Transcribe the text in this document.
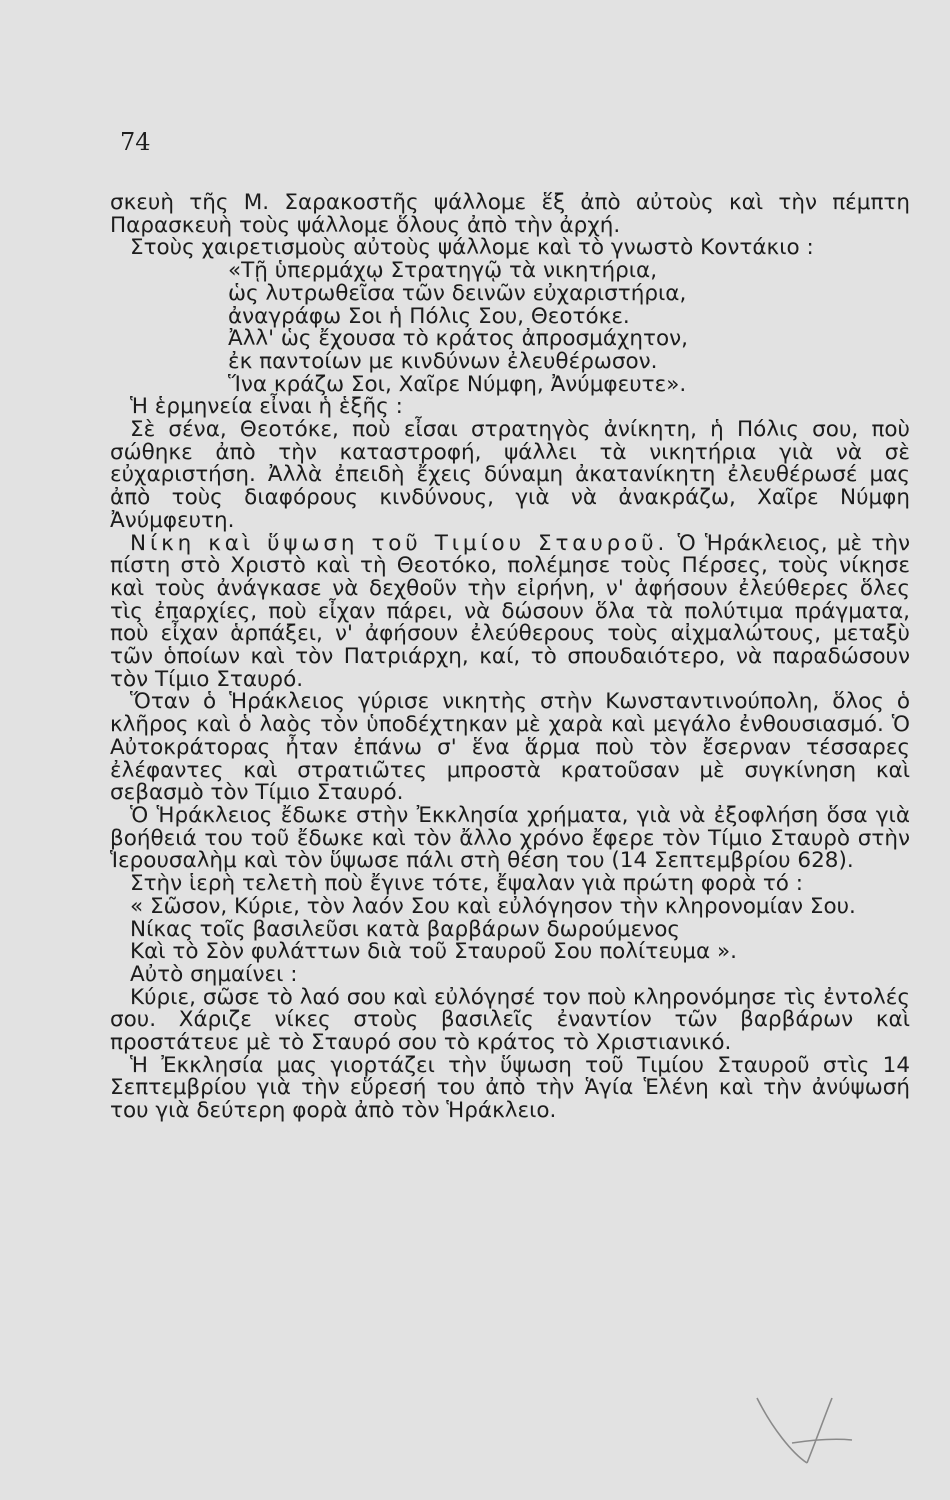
74

σκευὴ τῆς Μ. Σαρακοστῆς ψάλλομε ἕξ ἀπὸ αὐτοὺς καὶ τὴν πέμπτη Παρασκευὴ τοὺς ψάλλομε ὅλους ἀπὸ τὴν ἀρχή.

Στοὺς χαιρετισμοὺς αὐτοὺς ψάλλομε καὶ τὸ γνωστὸ Κοντάκιο :

«Τῇ ὑπερμάχῳ Στρατηγῷ τὰ νικητήρια,
ὡς λυτρωθεῖσα τῶν δεινῶν εὐχαριστήρια,
ἀναγράφω Σοι ἡ Πόλις Σου, Θεοτόκε.
Ἀλλ' ὡς ἔχουσα τὸ κράτος ἀπροσμάχητον,
ἐκ παντοίων με κινδύνων ἐλευθέρωσον.
Ἵνα κράζω Σοι, Χαῖρε Νύμφη, Ἀνύμφευτε».

Ἡ ἑρμηνεία εἶναι ἡ ἑξῆς :

Σὲ σένα, Θεοτόκε, ποὺ εἶσαι στρατηγὸς ἀνίκητη, ἡ Πόλις σου, ποὺ σώθηκε ἀπὸ τὴν καταστροφή, ψάλλει τὰ νικητήρια γιὰ νὰ σὲ εὐχαριστήση. Ἀλλὰ ἐπειδὴ ἔχεις δύναμη ἀκατανίκητη ἐλευθέρωσέ μας ἀπὸ τοὺς διαφόρους κινδύνους, γιὰ νὰ ἀνακράζω, Χαῖρε Νύμφη Ἀνύμφευτη.

Νίκη καὶ ὕψωση τοῦ Τιμίου Σταυροῦ. Ὁ Ἡράκλειος, μὲ τὴν πίστη στὸ Χριστὸ καὶ τὴ Θεοτόκο, πολέμησε τοὺς Πέρσες, τοὺς νίκησε καὶ τοὺς ἀνάγκασε νὰ δεχθοῦν τὴν εἰρήνη, ν' ἀφήσουν ἐλεύθερες ὅλες τὶς ἐπαρχίες, ποὺ εἶχαν πάρει, νὰ δώσουν ὅλα τὰ πολύτιμα πράγματα, ποὺ εἶχαν ἁρπάξει, ν' ἀφήσουν ἐλεύθερους τοὺς αἰχμαλώτους, μεταξὺ τῶν ὁποίων καὶ τὸν Πατριάρχη, καί, τὸ σπουδαιότερο, νὰ παραδώσουν τὸν Τίμιο Σταυρό.

Ὅταν ὁ Ἡράκλειος γύρισε νικητὴς στὴν Κωνσταντινούπολη, ὅλος ὁ κλῆρος καὶ ὁ λαὸς τὸν ὑποδέχτηκαν μὲ χαρὰ καὶ μεγάλο ἐνθουσιασμό. Ὁ Αὐτοκράτορας ἦταν ἐπάνω σ' ἕνα ἅρμα ποὺ τὸν ἔσερναν τέσσαρες ἐλέφαντες καὶ στρατιῶτες μπροστὰ κρατοῦσαν μὲ συγκίνηση καὶ σεβασμὸ τὸν Τίμιο Σταυρό.

Ὁ Ἡράκλειος ἔδωκε στὴν Ἐκκλησία χρήματα, γιὰ νὰ ἐξοφλήση ὅσα γιὰ βοήθειά του τοῦ ἔδωκε καὶ τὸν ἄλλο χρόνο ἔφερε τὸν Τίμιο Σταυρὸ στὴν Ἱερουσαλὴμ καὶ τὸν ὕψωσε πάλι στὴ θέση του (14 Σεπτεμβρίου 628).

Στὴν ἱερὴ τελετὴ ποὺ ἔγινε τότε, ἔψαλαν γιὰ πρώτη φορὰ τό :

« Σῶσον, Κύριε, τὸν λαόν Σου καὶ εὐλόγησον τὴν κληρονομίαν Σου.
Νίκας τοῖς βασιλεῦσι κατὰ βαρβάρων δωρούμενος
Καὶ τὸ Σὸν φυλάττων διὰ τοῦ Σταυροῦ Σου πολίτευμα ».

Αὐτὸ σημαίνει :

Κύριε, σῶσε τὸ λαό σου καὶ εὐλόγησέ τον ποὺ κληρονόμησε τὶς ἐντολές σου. Χάριζε νίκες στοὺς βασιλεῖς ἐναντίον τῶν βαρβάρων καὶ προστάτευε μὲ τὸ Σταυρό σου τὸ κράτος τὸ Χριστιανικό.

Ἡ Ἐκκλησία μας γιορτάζει τὴν ὕψωση τοῦ Τιμίου Σταυροῦ στὶς 14 Σεπτεμβρίου γιὰ τὴν εὕρεσή του ἀπὸ τὴν Ἁγία Ἑλένη καὶ τὴν ἀνύψωσή του γιὰ δεύτερη φορὰ ἀπὸ τὸν Ἡράκλειο.
